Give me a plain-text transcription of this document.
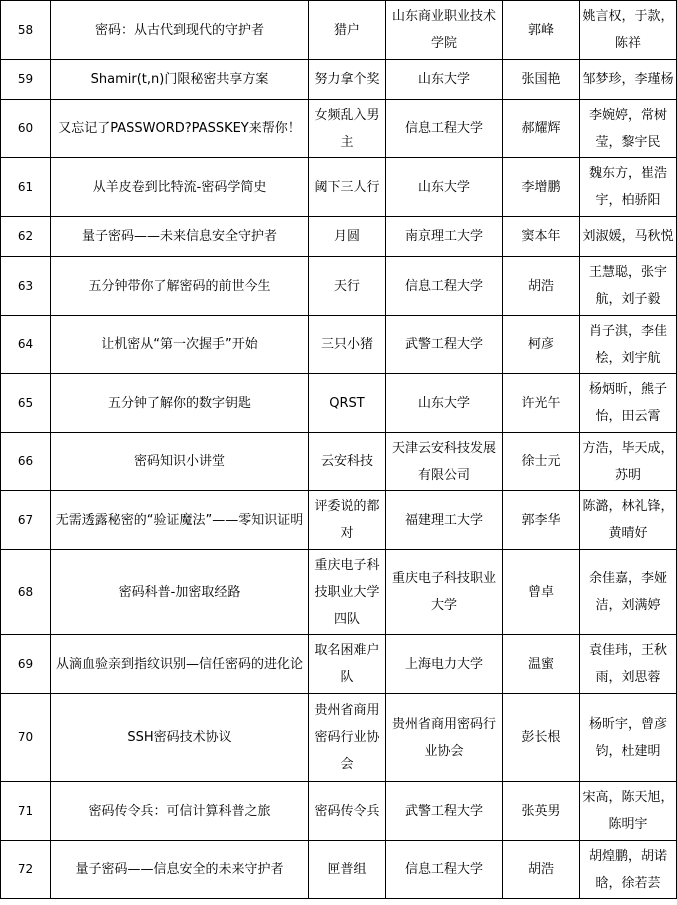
58	密码：从古代到现代的守护者	猎户	山东商业职业技术学院	郭峰	姚言权，于款，陈祥
59	Shamir(t,n)门限秘密共享方案	努力拿个奖	山东大学	张国艳	邹梦珍，李瑾杨
60	又忘记了PASSWORD?PASSKEY来帮你！	女频乱入男主	信息工程大学	郝耀辉	李婉婷，常树莹，黎宇民
61	从羊皮卷到比特流-密码学简史	阈下三人行	山东大学	李增鹏	魏东方，崔浩宇，柏骄阳
62	量子密码——未来信息安全守护者	月圆	南京理工大学	窦本年	刘淑媛，马秋悦
63	五分钟带你了解密码的前世今生	天行	信息工程大学	胡浩	王慧聪，张宇航，刘子毅
64	让机密从“第一次握手”开始	三只小猪	武警工程大学	柯彦	肖子淇，李佳桧，刘宇航
65	五分钟了解你的数字钥匙	QRST	山东大学	许光午	杨炳昕，熊子怡，田云霄
66	密码知识小讲堂	云安科技	天津云安科技发展有限公司	徐士元	方浩，毕天成，苏明
67	无需透露秘密的“验证魔法”——零知识证明	评委说的都对	福建理工大学	郭李华	陈潞，林礼锋，黄晴好
68	密码科普-加密取经路	重庆电子科技职业大学四队	重庆电子科技职业大学	曾卓	余佳嘉，李娅洁，刘满婷
69	从滴血验亲到指纹识别—信任密码的进化论	取名困难户队	上海电力大学	温蜜	袁佳玮，王秋雨，刘思蓉
70	SSH密码技术协议	贵州省商用密码行业协会	贵州省商用密码行业协会	彭长根	杨昕宇，曾彦钧，杜建明
71	密码传令兵：可信计算科普之旅	密码传令兵	武警工程大学	张英男	宋高，陈天旭，陈明宇
72	量子密码——信息安全的未来守护者	匣普组	信息工程大学	胡浩	胡煌鹏，胡诺晗，徐若芸
